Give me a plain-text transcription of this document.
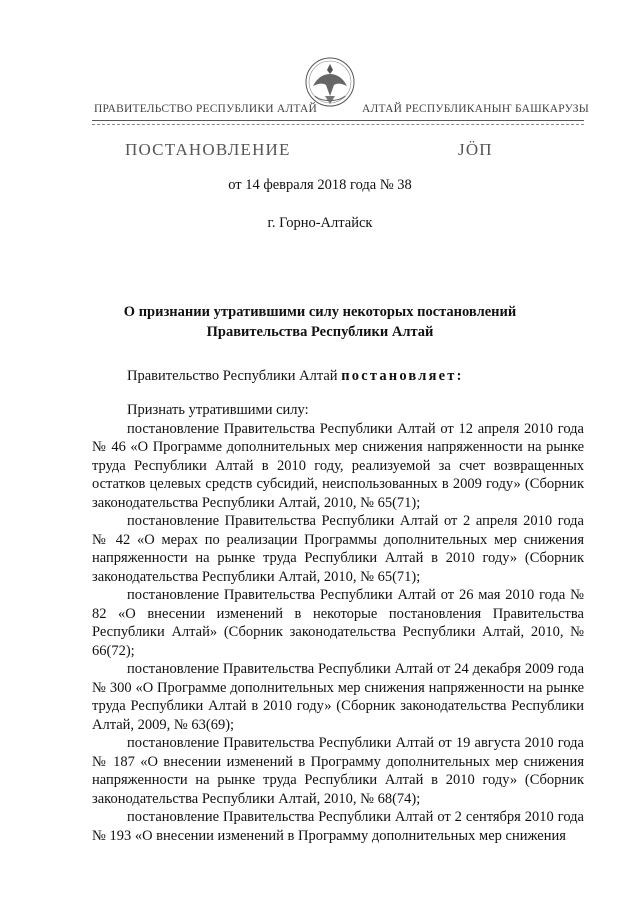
ПРАВИТЕЛЬСТВО РЕСПУБЛИКИ АЛТАЙ	АЛТАЙ РЕСПУБЛИКАНЫҤ БАШКАРУЗЫ
ПОСТАНОВЛЕНИЕ	JӦП
от 14 февраля 2018 года № 38
г. Горно-Алтайск
О признании утратившими силу некоторых постановлений
Правительства Республики Алтай
Правительство Республики Алтай постановляет:

Признать утратившими силу:

постановление Правительства Республики Алтай от 12 апреля 2010 года № 46 «О Программе дополнительных мер снижения напряженности на рынке труда Республики Алтай в 2010 году, реализуемой за счет возвращенных остатков целевых средств субсидий, неиспользованных в 2009 году» (Сборник законодательства Республики Алтай, 2010, № 65(71);

постановление Правительства Республики Алтай от 2 апреля 2010 года № 42 «О мерах по реализации Программы дополнительных мер снижения напряженности на рынке труда Республики Алтай в 2010 году» (Сборник законодательства Республики Алтай, 2010, № 65(71);

постановление Правительства Республики Алтай от 26 мая 2010 года № 82 «О внесении изменений в некоторые постановления Правительства Республики Алтай» (Сборник законодательства Республики Алтай, 2010, № 66(72);

постановление Правительства Республики Алтай от 24 декабря 2009 года № 300 «О Программе дополнительных мер снижения напряженности на рынке труда Республики Алтай в 2010 году» (Сборник законодательства Республики Алтай, 2009, № 63(69);

постановление Правительства Республики Алтай от 19 августа 2010 года № 187 «О внесении изменений в Программу дополнительных мер снижения напряженности на рынке труда Республики Алтай в 2010 году» (Сборник законодательства Республики Алтай, 2010, № 68(74);

постановление Правительства Республики Алтай от 2 сентября 2010 года № 193 «О внесении изменений в Программу дополнительных мер снижения
